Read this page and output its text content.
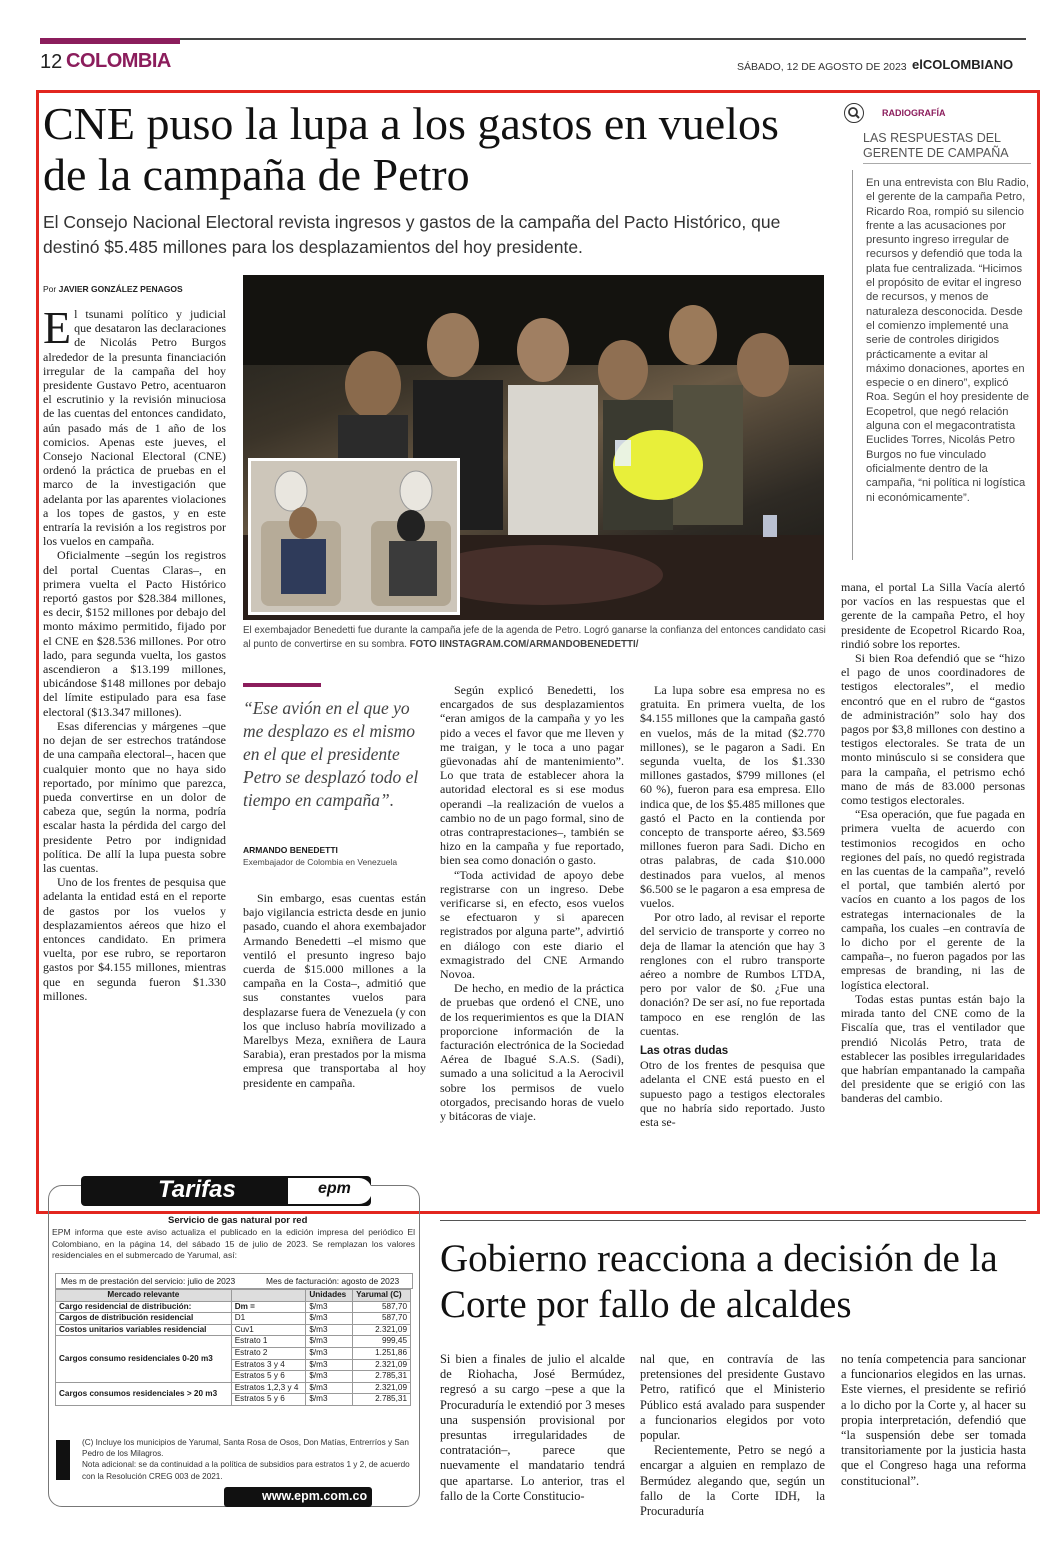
12 COLOMBIA	SÁBADO, 12 DE AGOSTO DE 2023 elCOLOMBIANO
CNE puso la lupa a los gastos en vuelos de la campaña de Petro
El Consejo Nacional Electoral revista ingresos y gastos de la campaña del Pacto Histórico, que destinó $5.485 millones para los desplazamientos del hoy presidente.
Por JAVIER GONZÁLEZ PENAGOS
RADIOGRAFÍA
LAS RESPUESTAS DEL GERENTE DE CAMPAÑA
En una entrevista con Blu Radio, el gerente de la campaña Petro, Ricardo Roa, rompió su silencio frente a las acusaciones por presunto ingreso irregular de recursos y defendió que toda la plata fue centralizada. “Hicimos el propósito de evitar el ingreso de recursos, y menos de naturaleza desconocida. Desde el comienzo implementé una serie de controles dirigidos prácticamente a evitar al máximo donaciones, aportes en especie o en dinero”, explicó Roa. Según el hoy presidente de Ecopetrol, que negó relación alguna con el megacontratista Euclides Torres, Nicolás Petro Burgos no fue vinculado oficialmente dentro de la campaña, “ni política ni logística ni económicamente”.
El exembajador Benedetti fue durante la campaña jefe de la agenda de Petro. Logró ganarse la confianza del entonces candidato casi al punto de convertirse en su sombra. FOTO IINSTAGRAM.COM/ARMANDOBENEDETTI/

El tsunami político y judicial que desataron las declaraciones de Nicolás Petro Burgos alrededor de la presunta financiación irregular de la campaña del hoy presidente Gustavo Petro, acentuaron el escrutinio y la revisión minuciosa de las cuentas del entonces candidato, aún pasado más de 1 año de los comicios. Apenas este jueves, el Consejo Nacional Electoral (CNE) ordenó la práctica de pruebas en el marco de la investigación que adelanta por las aparentes violaciones a los topes de gastos, y en este entraría la revisión a los registros por los vuelos en campaña.

Oficialmente –según los registros del portal Cuentas Claras–, en primera vuelta el Pacto Histórico reportó gastos por $28.384 millones, es decir, $152 millones por debajo del monto máximo permitido, fijado por el CNE en $28.536 millones. Por otro lado, para segunda vuelta, los gastos ascendieron a $13.199 millones, ubicándose $148 millones por debajo del límite estipulado para esa fase electoral ($13.347 millones).

Esas diferencias y márgenes –que no dejan de ser estrechos tratándose de una campaña electoral–, hacen que cualquier monto que no haya sido reportado, por mínimo que parezca, pueda convertirse en un dolor de cabeza que, según la norma, podría escalar hasta la pérdida del cargo del presidente Petro por indignidad política. De allí la lupa puesta sobre las cuentas.

Uno de los frentes de pesquisa que adelanta la entidad está en el reporte de gastos por los vuelos y desplazamientos aéreos que hizo el entonces candidato. En primera vuelta, por ese rubro, se reportaron gastos por $4.155 millones, mientras que en segunda fueron $1.330 millones.

“Ese avión en el que yo me desplazo es el mismo en el que el presidente Petro se desplazó todo el tiempo en campaña”.
ARMANDO BENEDETTI
Exembajador de Colombia en Venezuela

Sin embargo, esas cuentas están bajo vigilancia estricta desde en junio pasado, cuando el ahora exembajador Armando Benedetti –el mismo que ventiló el presunto ingreso bajo cuerda de $15.000 millones a la campaña en la Costa–, admitió que sus constantes vuelos para desplazarse fuera de Venezuela (y con los que incluso habría movilizado a Marelbys Meza, exniñera de Laura Sarabia), eran prestados por la misma empresa que transportaba al hoy presidente en campaña.

Según explicó Benedetti, los encargados de sus desplazamientos “eran amigos de la campaña y yo les pido a veces el favor que me lleven y me traigan, y le toca a uno pagar güevonadas ahí de mantenimiento”. Lo que trata de establecer ahora la autoridad electoral es si ese modus operandi –la realización de vuelos a cambio no de un pago formal, sino de otras contraprestaciones–, también se hizo en la campaña y fue reportado, bien sea como donación o gasto.

“Toda actividad de apoyo debe registrarse con un ingreso. Debe verificarse si, en efecto, esos vuelos se efectuaron y si aparecen registrados por alguna parte”, advirtió en diálogo con este diario el exmagistrado del CNE Armando Novoa.

De hecho, en medio de la práctica de pruebas que ordenó el CNE, uno de los requerimientos es que la DIAN proporcione información de la facturación electrónica de la Sociedad Aérea de Ibagué S.A.S. (Sadi), sumado a una solicitud a la Aerocivil sobre los permisos de vuelo otorgados, precisando horas de vuelo y bitácoras de viaje.

La lupa sobre esa empresa no es gratuita. En primera vuelta, de los $4.155 millones que la campaña gastó en vuelos, más de la mitad ($2.770 millones), se le pagaron a Sadi. En segunda vuelta, de los $1.330 millones gastados, $799 millones (el 60 %), fueron para esa empresa. Ello indica que, de los $5.485 millones que gastó el Pacto en la contienda por concepto de transporte aéreo, $3.569 millones fueron para Sadi. Dicho en otras palabras, de cada $10.000 destinados para vuelos, al menos $6.500 se le pagaron a esa empresa de vuelos.

Por otro lado, al revisar el reporte del servicio de transporte y correo no deja de llamar la atención que hay 3 renglones con el rubro transporte aéreo a nombre de Rumbos LTDA, pero por valor de $0. ¿Fue una donación? De ser así, no fue reportada tampoco en ese renglón de las cuentas.

Las otras dudas

Otro de los frentes de pesquisa que adelanta el CNE está puesto en el supuesto pago a testigos electorales que no habría sido reportado. Justo esta se-

mana, el portal La Silla Vacía alertó por vacíos en las respuestas que el gerente de la campaña Petro, el hoy presidente de Ecopetrol Ricardo Roa, rindió sobre los reportes.

Si bien Roa defendió que se “hizo el pago de unos coordinadores de testigos electorales”, el medio encontró que en el rubro de “gastos de administración” solo hay dos pagos por $3,8 millones con destino a testigos electorales. Se trata de un monto minúsculo si se considera que para la campaña, el petrismo echó mano de más de 83.000 personas como testigos electorales.

“Esa operación, que fue pagada en primera vuelta de acuerdo con testimonios recogidos en ocho regiones del país, no quedó registrada en las cuentas de la campaña”, reveló el portal, que también alertó por vacíos en cuanto a los pagos de los estrategas internacionales de la campaña, los cuales –en contravía de lo dicho por el gerente de la campaña–, no fueron pagados por las empresas de branding, ni las de logística electoral.

Todas estas puntas están bajo la mirada tanto del CNE como de la Fiscalía que, tras el ventilador que prendió Nicolás Petro, trata de establecer las posibles irregularidades que habrían empantanado la campaña del presidente que se erigió con las banderas del cambio.

Tarifas	epm
Servicio de gas natural por red
EPM informa que este aviso actualiza el publicado en la edición impresa del periódico El Colombiano, en la página 14, del sábado 15 de julio de 2023. Se remplazan los valores residenciales en el submercado de Yarumal, así:
Mes m de prestación del servicio: julio de 2023	Mes de facturación: agosto de 2023
Mercado relevante		Unidades	Yarumal (C)
Cargo residencial de distribución:	Dm =	$/m3	587,70
Cargos de distribución residencial	D1	$/m3	587,70
Costos unitarios variables residencial	Cuv1	$/m3	2.321,09
Cargos consumo residenciales 0-20 m3	Estrato 1	$/m3	999,45
	Estrato 2	$/m3	1.251,86
	Estratos 3 y 4	$/m3	2.321,09
	Estratos 5 y 6	$/m3	2.785,31
Cargos consumos residenciales > 20 m3	Estratos 1,2,3 y 4	$/m3	2.321,09
	Estratos 5 y 6	$/m3	2.785,31
(C) Incluye los municipios de Yarumal, Santa Rosa de Osos, Don Matías, Entrerríos y San Pedro de los Milagros.
Nota adicional: se da continuidad a la política de subsidios para estratos 1 y 2, de acuerdo con la Resolución CREG 003 de 2021.
www.epm.com.co
Gobierno reacciona a decisión de la Corte por fallo de alcaldes

Si bien a finales de julio el alcalde de Riohacha, José Bermúdez, regresó a su cargo –pese a que la Procuraduría le extendió por 3 meses una suspensión provisional por presuntas irregularidades de contratación–, parece que nuevamente el mandatario tendrá que apartarse. Lo anterior, tras el fallo de la Corte Constitucio-

nal que, en contravía de las pretensiones del presidente Gustavo Petro, ratificó que el Ministerio Público está avalado para suspender a funcionarios elegidos por voto popular.

Recientemente, Petro se negó a encargar a alguien en remplazo de Bermúdez alegando que, según un fallo de la Corte IDH, la Procuraduría

no tenía competencia para sancionar a funcionarios elegidos en las urnas. Este viernes, el presidente se refirió a lo dicho por la Corte y, al hacer su propia interpretación, defendió que “la suspensión debe ser tomada transitoriamente por la justicia hasta que el Congreso haga una reforma constitucional”.
